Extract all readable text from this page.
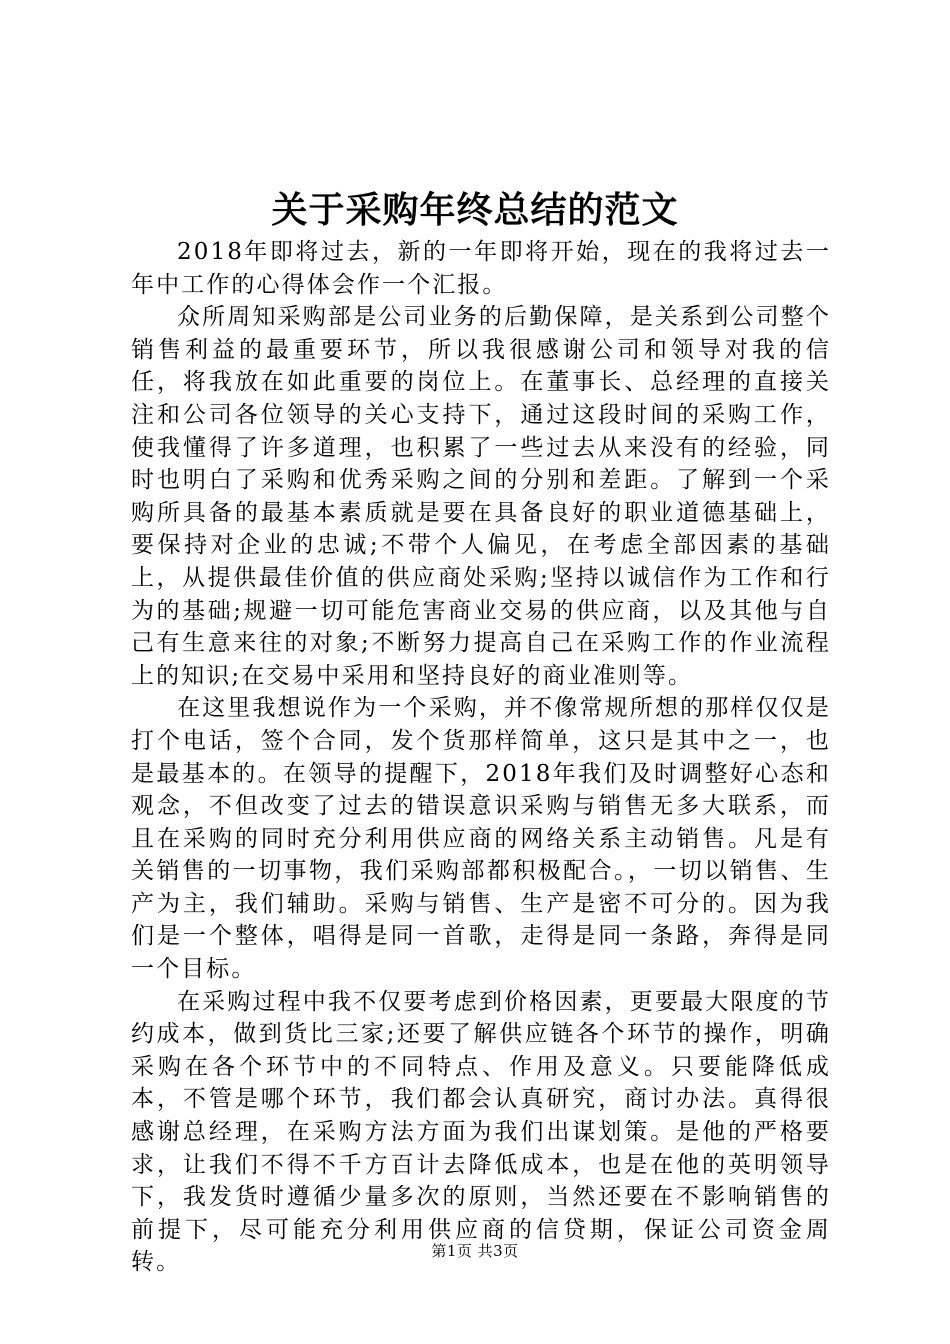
关于采购年终总结的范文

2018年即将过去，新的一年即将开始，现在的我将过去一年中工作的心得体会作一个汇报。

众所周知采购部是公司业务的后勤保障，是关系到公司整个销售利益的最重要环节，所以我很感谢公司和领导对我的信任，将我放在如此重要的岗位上。在董事长、总经理的直接关注和公司各位领导的关心支持下，通过这段时间的采购工作，使我懂得了许多道理，也积累了一些过去从来没有的经验，同时也明白了采购和优秀采购之间的分别和差距。了解到一个采购所具备的最基本素质就是要在具备良好的职业道德基础上，要保持对企业的忠诚;不带个人偏见，在考虑全部因素的基础上，从提供最佳价值的供应商处采购;坚持以诚信作为工作和行为的基础;规避一切可能危害商业交易的供应商，以及其他与自己有生意来往的对象;不断努力提高自己在采购工作的作业流程上的知识;在交易中采用和坚持良好的商业准则等。

在这里我想说作为一个采购，并不像常规所想的那样仅仅是打个电话，签个合同，发个货那样简单，这只是其中之一，也是最基本的。在领导的提醒下，2018年我们及时调整好心态和观念，不但改变了过去的错误意识采购与销售无多大联系，而且在采购的同时充分利用供应商的网络关系主动销售。凡是有关销售的一切事物，我们采购部都积极配合。，一切以销售、生产为主，我们辅助。采购与销售、生产是密不可分的。因为我们是一个整体，唱得是同一首歌，走得是同一条路，奔得是同一个目标。

在采购过程中我不仅要考虑到价格因素，更要最大限度的节约成本，做到货比三家;还要了解供应链各个环节的操作，明确采购在各个环节中的不同特点、作用及意义。只要能降低成本，不管是哪个环节，我们都会认真研究，商讨办法。真得很感谢总经理，在采购方法方面为我们出谋划策。是他的严格要求，让我们不得不千方百计去降低成本，也是在他的英明领导下，我发货时遵循少量多次的原则，当然还要在不影响销售的前提下，尽可能充分利用供应商的信贷期，保证公司资金周转。	第1页 共3页
